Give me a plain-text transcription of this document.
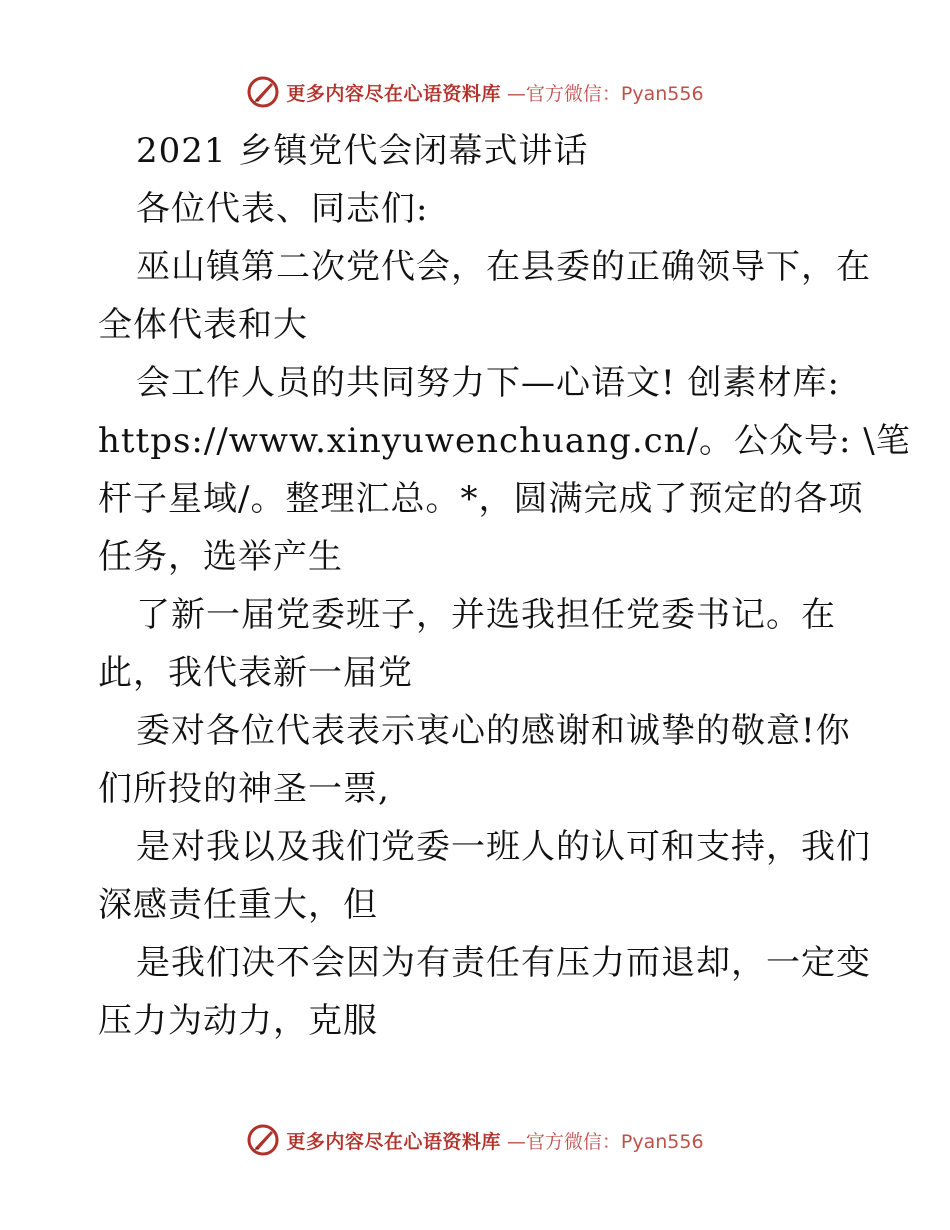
更多内容尽在心语资料库 —官方微信：Pyan556
2021 乡镇党代会闭幕式讲话
各位代表、同志们:
巫山镇第二次党代会，在县委的正确领导下，在
全体代表和大
会工作人员的共同努力下—心语文! 创素材库:
https://www.xinyuwenchuang.cn/。公众号: \笔
杆子星域/。整理汇总。*，圆满完成了预定的各项
任务，选举产生
了新一届党委班子，并选我担任党委书记。在
此，我代表新一届党
委对各位代表表示衷心的感谢和诚挚的敬意!你
们所投的神圣一票,
是对我以及我们党委一班人的认可和支持，我们
深感责任重大，但
是我们决不会因为有责任有压力而退却，一定变
压力为动力，克服
更多内容尽在心语资料库 —官方微信：Pyan556
